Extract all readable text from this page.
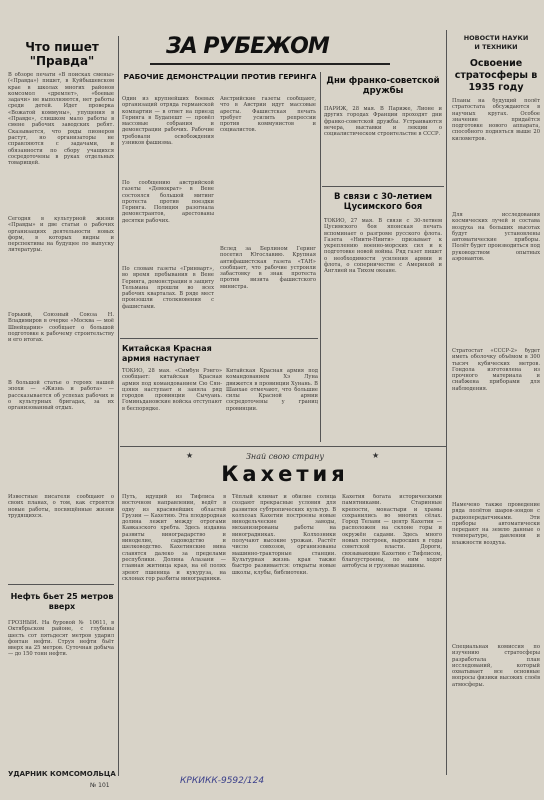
Что пишет "Правда"
В обзоре печати «В поисках смены» («Правда») пишет, в Куйбышевском крае в школах многих районов комсомол «дремлет», «боевые задачи» не выполняются, нет работы среди детей. Идет проверка «Вожатой коммуны», упущения в «Правде», слишком мало работы в смене рабочих заводских ребят. Сказывается, что ряды пионеров растут, но организаторы не справляются с задачами, и обязанности по сбору учащихся сосредоточены в руках отдельных товарищей.
Сегодня в культурной жизни «Правды» и две статьи о рабочих организациях деятельности новых форм, в которых видны и перспективы на будущее по выпуску литературы.
Горький, Союзный Союза Н. Владимиров в очерке «Москва — моё Швейцарии» сообщает о большой подготовке к рабочему строительству и его итогах.
В большой статье о героях нашей эпохи — «Жизнь и работа» — рассказывается об успехах рабочих и о культурных бригадах, за их организованный отдых.
Известные писатели сообщают о своих планах, о том, как строятся новые работы, посвящённые жизни трудящихся.
Нефть бьет 25 метров вверх
ГРОЗНЫЙ. На буровой № 10611, в Октябрьском районе, с глубины шесть сот пятьдесят метров ударил фонтан нефти. Струя нефти бьёт вверх на 25 метров. Суточная добыча — до 150 тонн нефти.
УДАРНИК КОМСОМОЛЬЦА
№ 101
ЗА РУБЕЖОМ
РАБОЧИЕ ДЕМОНСТРАЦИИ ПРОТИВ ГЕРИНГА
Один из крупнейших боевых организаций отряда германской компартии — в ответ на приезд Геринга в Будапешт — провёл массовые собрания и демонстрации рабочих. Рабочие требовали освобождения узников фашизма.
По сообщению австрийской газеты «Демократ» в Вене состоялся большой митинг протеста против поездки Геринга. Полиция разогнала демонстрантов, арестованы десятки рабочих.
По словам газеты «Гринварт», во время пребывания в Вене Геринга, демонстрации в защиту Тельмана прошли во всех рабочих кварталах. В ряде мест произошли столкновения с фашистами.
Австрийские газеты сообщают, что в Австрии идут массовые аресты. Фашистская печать требует усилить репрессии против коммунистов и социалистов.
Вслед за Берлином Геринг посетил Югославию. Крупная антифашистская газета «ТАН» сообщает, что рабочие устроили забастовку в знак протеста против визита фашистского министра.
Китайская Красная армия наступает
ТОКИО, 28 мая. «Симбун Рэнго» сообщает: китайская Красная армия под командованием Сю Сян-цзяня наступает и заняла ряд городов провинции Сычуань. Гоминьдановские войска отступают в беспорядке.
Китайская Красная армия под командованием Хэ Луна движется в провинции Хунань. В Шанхае отмечают, что большие силы Красной армии сосредоточены у границ провинции.
Дни франко-советской дружбы
ПАРИЖ, 28 мая. В Париже, Лионе и других городах Франции проходят дни франко-советской дружбы. Устраиваются вечера, выставки и лекции о социалистическом строительстве в СССР.
В связи с 30-летием Цусимского боя
ТОКИО, 27 мая. В связи с 30-летием Цусимского боя японская печать вспоминает о разгроме русского флота. Газета «Ниити-Ниити» призывает к укреплению военно-морских сил и к подготовке новой войны. Ряд газет пишет о необходимости усиления армии и флота, о соперничестве с Америкой и Англией на Тихом океане.
НОВОСТИ НАУКИ
И ТЕХНИКИ
Освоение стратосферы в 1935 году
Планы на будущий полёт стратостата обсуждаются в научных кругах. Особое значение придаётся подготовке нового аппарата, способного подняться выше 20 километров.
Для исследования космических лучей и состава воздуха на больших высотах будут установлены автоматические приборы. Полёт будет производиться под руководством опытных аэронавтов.
Стратостат «СССР-2» будет иметь оболочку объёмом в 300 тысяч кубических метров. Гондола изготовлена из прочного материала и снабжена приборами для наблюдения.
Намечено также проведение ряда полётов шаров-зондов с радиопередатчиками. Эти приборы автоматически передают на землю данные о температуре, давлении и влажности воздуха.
Специальная комиссия по изучению стратосферы разработала план исследований, который охватывает все основные вопросы физики высоких слоёв атмосферы.
Знай свою страну
★	★
Кахетия
Путь, идущий из Тифлиса в восточном направлении, ведёт в одну из красивейших областей Грузии — Кахетию. Эта плодородная долина лежит между отрогами Кавказского хребта. Здесь издавна развиты виноградарство и виноделие, садоводство и шелководство. Кахетинские вина славятся далеко за пределами республики. Долина Алазани — главная житница края, на её полях зреют пшеница и кукуруза, на склонах гор разбиты виноградники.
Тёплый климат и обилие солнца создают прекрасные условия для развития субтропических культур. В колхозах Кахетии построены новые винодельческие заводы, механизированы работы на виноградниках. Колхозники получают высокие урожаи. Растёт число совхозов, организованы машинно-тракторные станции. Культурная жизнь края также быстро развивается: открыты новые школы, клубы, библиотеки.
Кахетия богата историческими памятниками. Старинные крепости, монастыри и храмы сохранились во многих сёлах. Город Телави — центр Кахетии — расположен на склоне горы и окружён садами. Здесь много новых построек, выросших в годы советской власти. Дороги, связывающие Кахетию с Тифлисом, благоустроены, по ним ходят автобусы и грузовые машины.
КРКИКК-9592/124
